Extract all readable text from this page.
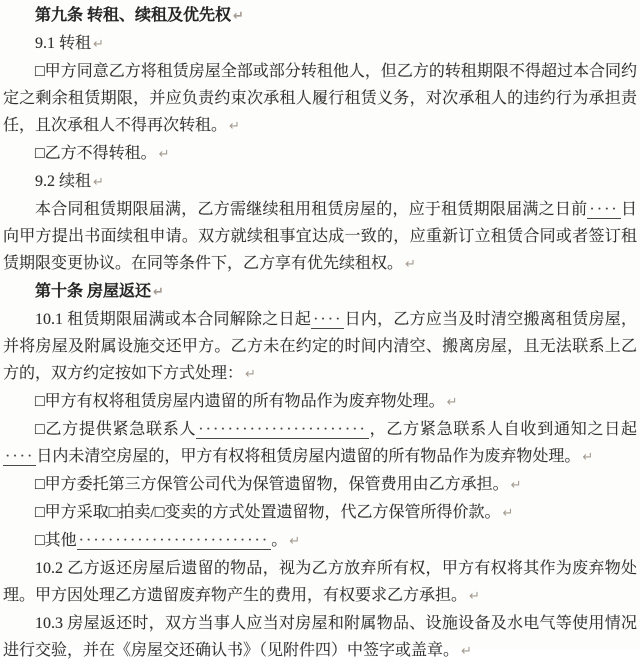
第九条 转租、续租及优先权 ↵

9.1 转租 ↵

□甲方同意乙方将租赁房屋全部或部分转租他人，但乙方的转租期限不得超过本合同约定之剩余租赁期限，并应负责约束次承租人履行租赁义务，对次承租人的违约行为承担责任，且次承租人不得再次转租。 ↵

□乙方不得转租。 ↵

9.2 续租 ↵

本合同租赁期限届满，乙方需继续租用租赁房屋的，应于租赁期限届满之日前 ···· 日向甲方提出书面续租申请。双方就续租事宜达成一致的，应重新订立租赁合同或者签订租赁期限变更协议。在同等条件下，乙方享有优先续租权。 ↵

第十条 房屋返还 ↵

10.1 租赁期限届满或本合同解除之日起 ···· 日内，乙方应当及时清空搬离租赁房屋，并将房屋及附属设施交还甲方。乙方未在约定的时间内清空、搬离房屋，且无法联系上乙方的，双方约定按如下方式处理： ↵

□甲方有权将租赁房屋内遗留的所有物品作为废弃物处理。 ↵

□乙方提供紧急联系人 ······················· ，乙方紧急联系人自收到通知之日起···· 日内未清空房屋的，甲方有权将租赁房屋内遗留的所有物品作为废弃物处理。 ↵

□甲方委托第三方保管公司代为保管遗留物，保管费用由乙方承担。 ↵

□甲方采取□拍卖/□变卖的方式处置遗留物，代乙方保管所得价款。 ↵

□其他 ·························· 。 ↵

10.2 乙方返还房屋后遗留的物品，视为乙方放弃所有权，甲方有权将其作为废弃物处理。甲方因处理乙方遗留废弃物产生的费用，有权要求乙方承担。 ↵

10.3 房屋返还时，双方当事人应当对房屋和附属物品、设施设备及水电气等使用情况进行交验，并在《房屋交还确认书》（见附件四）中签字或盖章。 ↵
